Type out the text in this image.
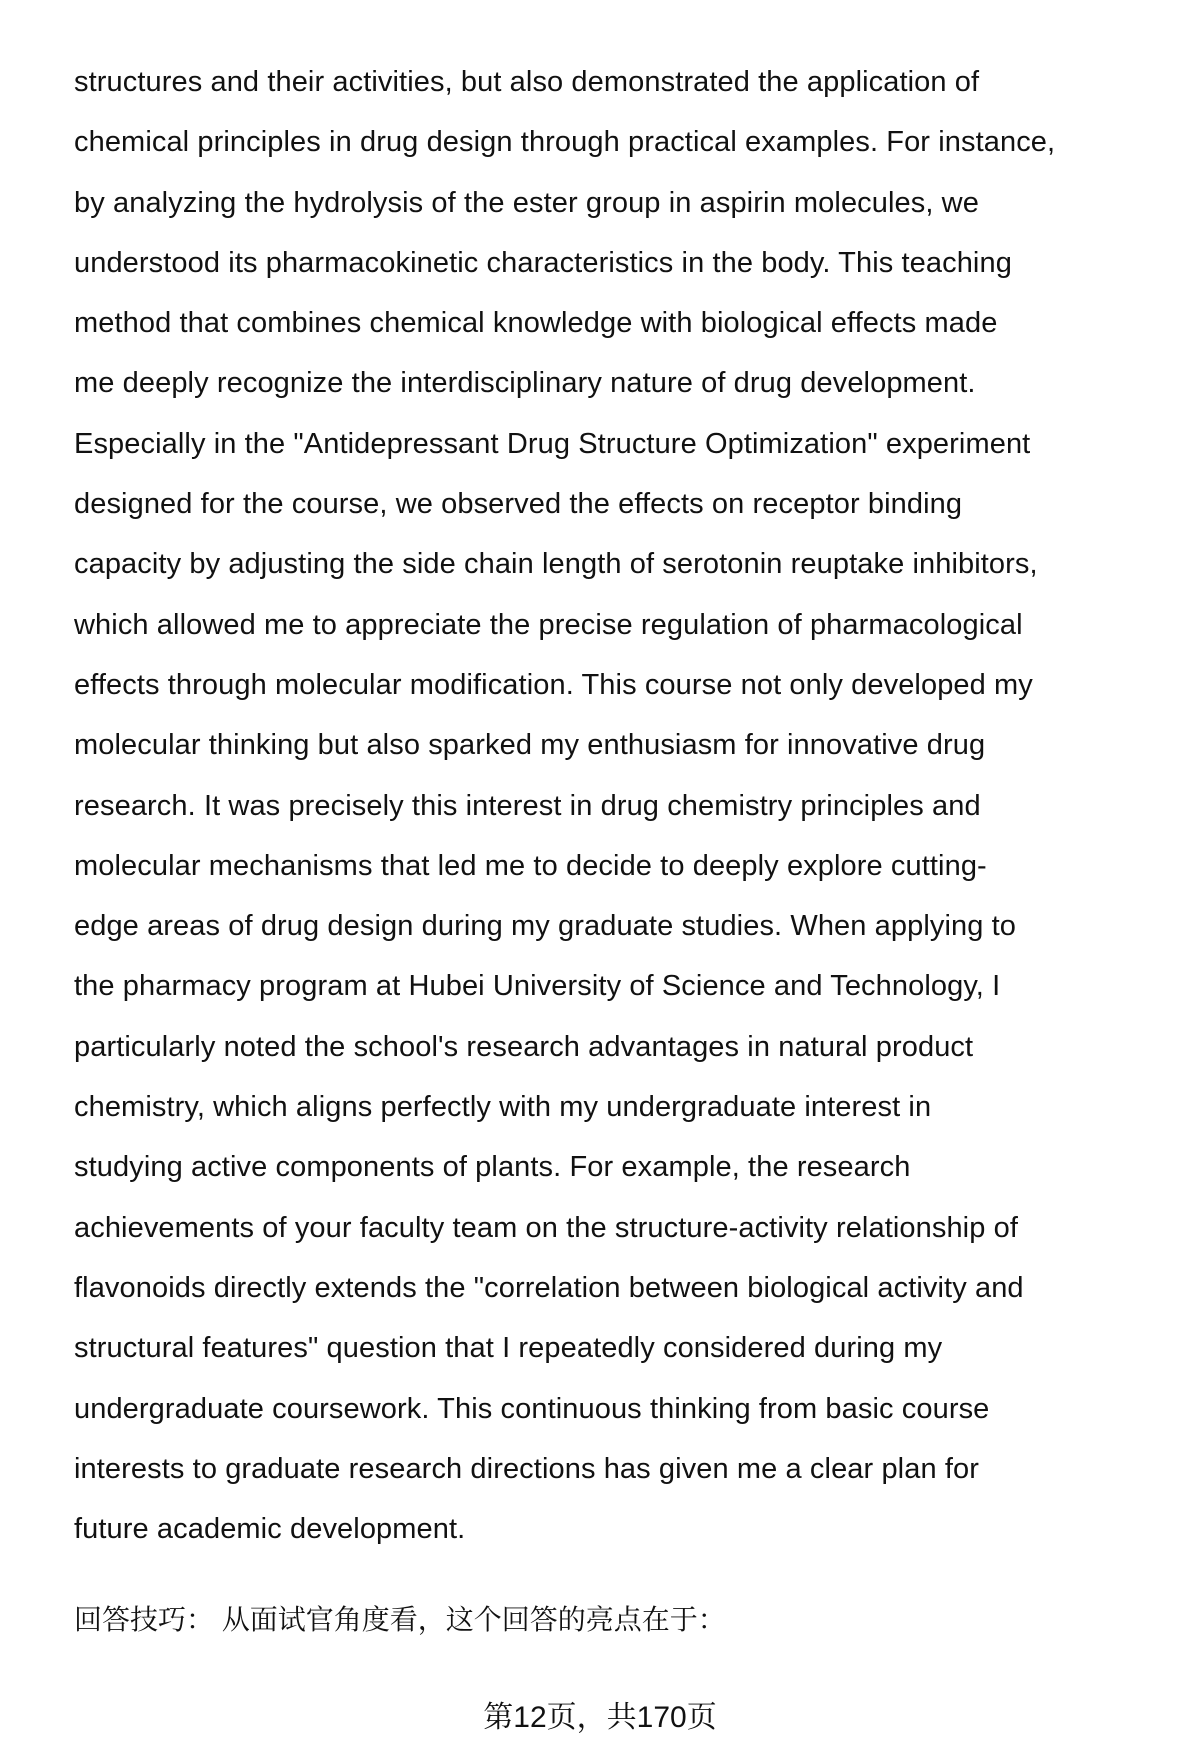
structures and their activities, but also demonstrated the application of
chemical principles in drug design through practical examples. For instance,
by analyzing the hydrolysis of the ester group in aspirin molecules, we
understood its pharmacokinetic characteristics in the body. This teaching
method that combines chemical knowledge with biological effects made
me deeply recognize the interdisciplinary nature of drug development.
Especially in the "Antidepressant Drug Structure Optimization" experiment
designed for the course, we observed the effects on receptor binding
capacity by adjusting the side chain length of serotonin reuptake inhibitors,
which allowed me to appreciate the precise regulation of pharmacological
effects through molecular modification. This course not only developed my
molecular thinking but also sparked my enthusiasm for innovative drug
research. It was precisely this interest in drug chemistry principles and
molecular mechanisms that led me to decide to deeply explore cutting-
edge areas of drug design during my graduate studies. When applying to
the pharmacy program at Hubei University of Science and Technology, I
particularly noted the school's research advantages in natural product
chemistry, which aligns perfectly with my undergraduate interest in
studying active components of plants. For example, the research
achievements of your faculty team on the structure-activity relationship of
flavonoids directly extends the "correlation between biological activity and
structural features" question that I repeatedly considered during my
undergraduate coursework. This continuous thinking from basic course
interests to graduate research directions has given me a clear plan for
future academic development.
回答技巧： 从面试官角度看，这个回答的亮点在于：
第12页，共170页
